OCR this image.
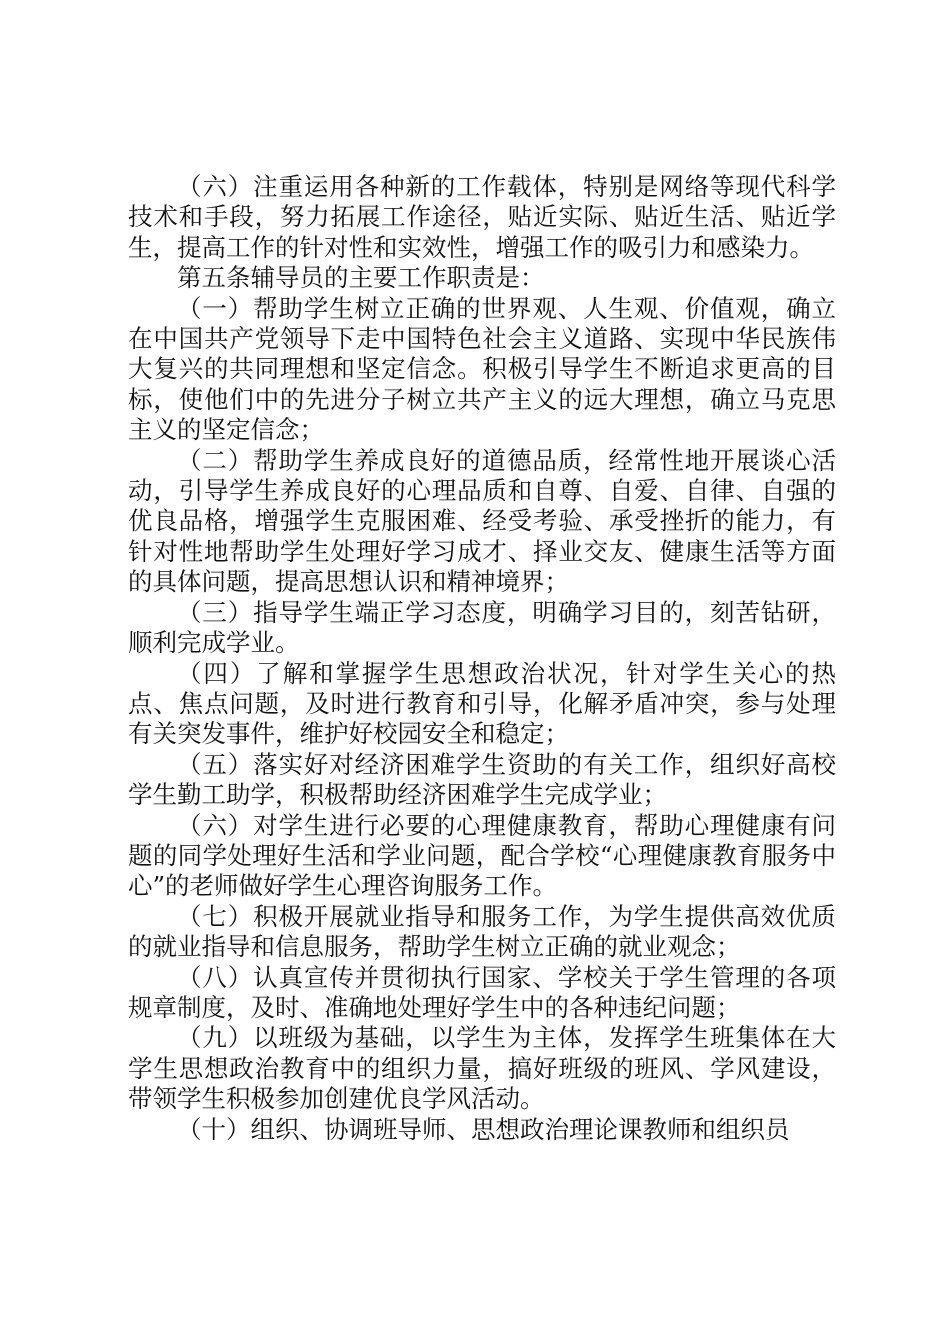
（六）注重运用各种新的工作载体，特别是网络等现代科学技术和手段，努力拓展工作途径，贴近实际、贴近生活、贴近学生，提高工作的针对性和实效性，增强工作的吸引力和感染力。

第五条辅导员的主要工作职责是：

（一）帮助学生树立正确的世界观、人生观、价值观，确立在中国共产党领导下走中国特色社会主义道路、实现中华民族伟大复兴的共同理想和坚定信念。积极引导学生不断追求更高的目标，使他们中的先进分子树立共产主义的远大理想，确立马克思主义的坚定信念；

（二）帮助学生养成良好的道德品质，经常性地开展谈心活动，引导学生养成良好的心理品质和自尊、自爱、自律、自强的优良品格，增强学生克服困难、经受考验、承受挫折的能力，有针对性地帮助学生处理好学习成才、择业交友、健康生活等方面的具体问题，提高思想认识和精神境界；

（三）指导学生端正学习态度，明确学习目的，刻苦钻研，顺利完成学业。

（四）了解和掌握学生思想政治状况，针对学生关心的热点、焦点问题，及时进行教育和引导，化解矛盾冲突，参与处理有关突发事件，维护好校园安全和稳定；

（五）落实好对经济困难学生资助的有关工作，组织好高校学生勤工助学，积极帮助经济困难学生完成学业；

（六）对学生进行必要的心理健康教育，帮助心理健康有问题的同学处理好生活和学业问题，配合学校“心理健康教育服务中心”的老师做好学生心理咨询服务工作。

（七）积极开展就业指导和服务工作，为学生提供高效优质的就业指导和信息服务，帮助学生树立正确的就业观念；

（八）认真宣传并贯彻执行国家、学校关于学生管理的各项规章制度，及时、准确地处理好学生中的各种违纪问题；

（九）以班级为基础，以学生为主体，发挥学生班集体在大学生思想政治教育中的组织力量，搞好班级的班风、学风建设，带领学生积极参加创建优良学风活动。

（十）组织、协调班导师、思想政治理论课教师和组织员
